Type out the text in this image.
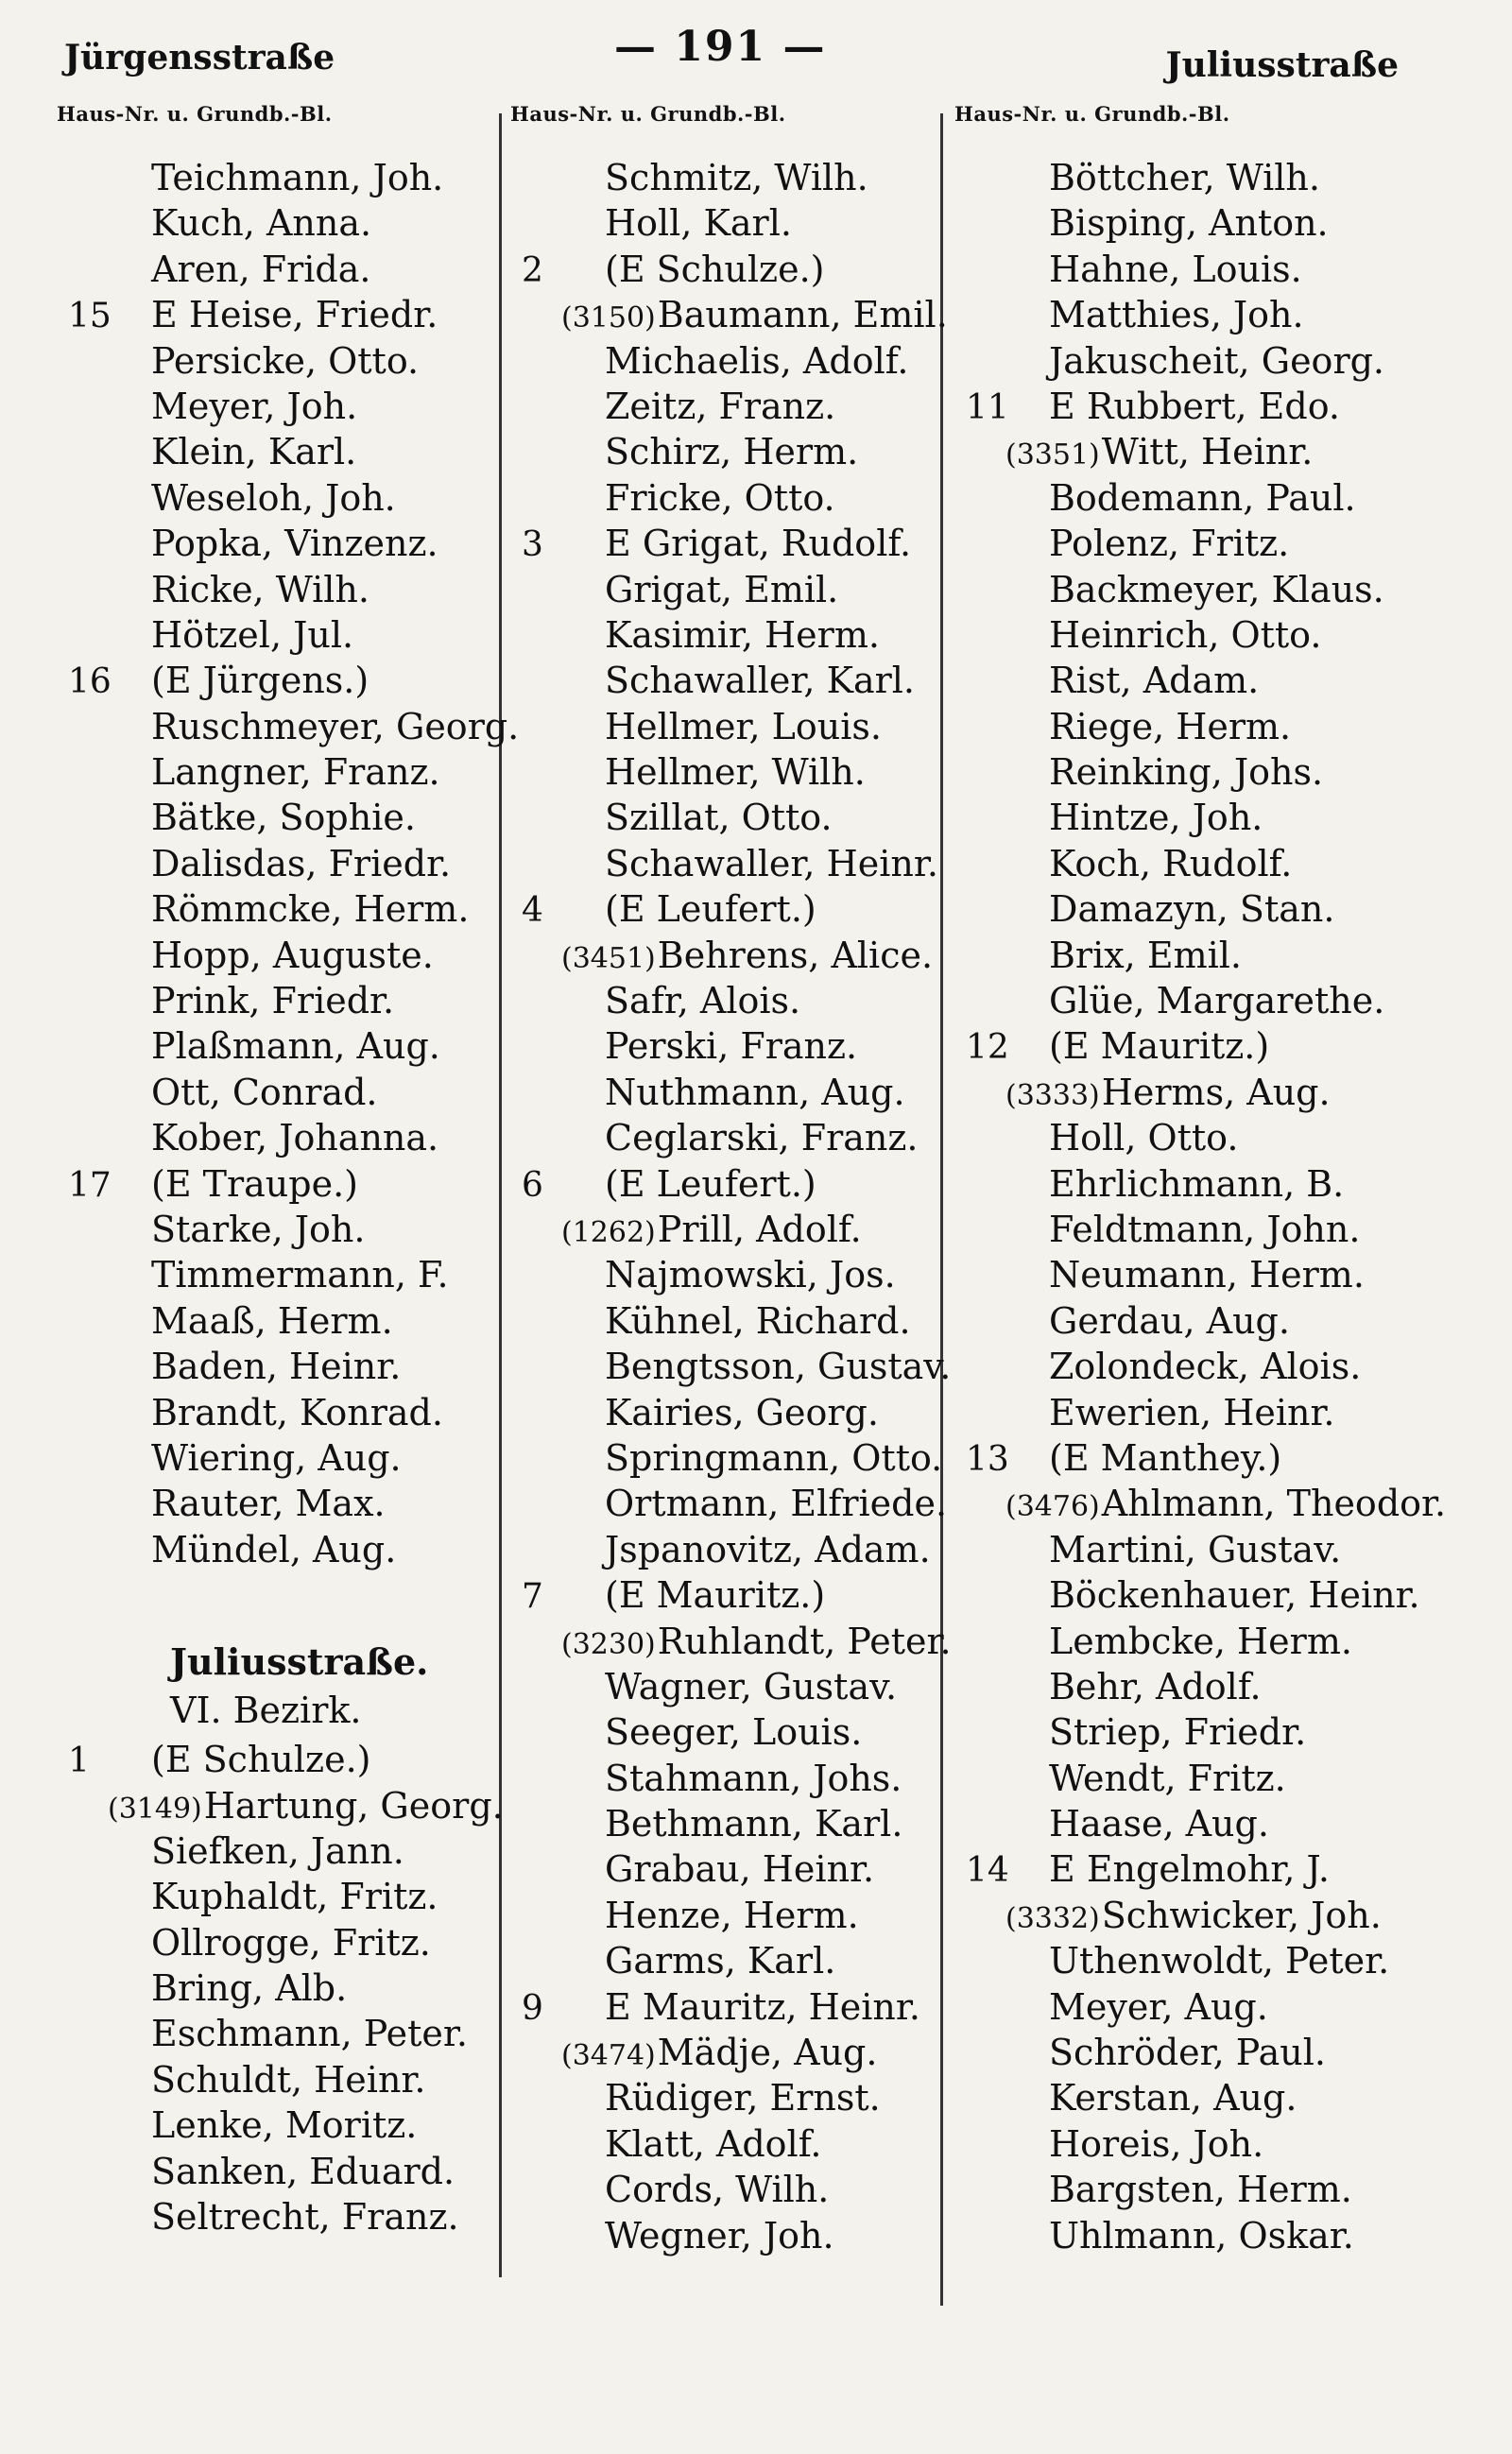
Jürgensstraße	— 191 —	Juliusstraße
Haus-Nr. u. Grundb.-Bl.
Teichmann, Joh.
Kuch, Anna.
Aren, Frida.
15	E Heise, Friedr.
Persicke, Otto.
Meyer, Joh.
Klein, Karl.
Weseloh, Joh.
Popka, Vinzenz.
Ricke, Wilh.
Hötzel, Jul.
16	(E Jürgens.)
Ruschmeyer, Georg.
Langner, Franz.
Bätke, Sophie.
Dalisdas, Friedr.
Römmcke, Herm.
Hopp, Auguste.
Prink, Friedr.
Plaßmann, Aug.
Ott, Conrad.
Kober, Johanna.
17	(E Traupe.)
Starke, Joh.
Timmermann, F.
Maaß, Herm.
Baden, Heinr.
Brandt, Konrad.
Wiering, Aug.
Rauter, Max.
Mündel, Aug.
Juliusstraße.
VI. Bezirk.
1	(E Schulze.)
(3149) Hartung, Georg.
Siefken, Jann.
Kuphaldt, Fritz.
Ollrogge, Fritz.
Bring, Alb.
Eschmann, Peter.
Schuldt, Heinr.
Lenke, Moritz.
Sanken, Eduard.
Seltrecht, Franz.
Haus-Nr. u. Grundb.-Bl.
Schmitz, Wilh.
Holl, Karl.
2	(E Schulze.)
(3150) Baumann, Emil.
Michaelis, Adolf.
Zeitz, Franz.
Schirz, Herm.
Fricke, Otto.
3	E Grigat, Rudolf.
Grigat, Emil.
Kasimir, Herm.
Schawaller, Karl.
Hellmer, Louis.
Hellmer, Wilh.
Szillat, Otto.
Schawaller, Heinr.
4	(E Leufert.)
(3451) Behrens, Alice.
Safr, Alois.
Perski, Franz.
Nuthmann, Aug.
Ceglarski, Franz.
6	(E Leufert.)
(1262) Prill, Adolf.
Najmowski, Jos.
Kühnel, Richard.
Bengtsson, Gustav.
Kairies, Georg.
Springmann, Otto.
Ortmann, Elfriede.
Jspanovitz, Adam.
7	(E Mauritz.)
(3230) Ruhlandt, Peter.
Wagner, Gustav.
Seeger, Louis.
Stahmann, Johs.
Bethmann, Karl.
Grabau, Heinr.
Henze, Herm.
Garms, Karl.
9	E Mauritz, Heinr.
(3474) Mädje, Aug.
Rüdiger, Ernst.
Klatt, Adolf.
Cords, Wilh.
Wegner, Joh.
Haus-Nr. u. Grundb.-Bl.
Böttcher, Wilh.
Bisping, Anton.
Hahne, Louis.
Matthies, Joh.
Jakuscheit, Georg.
11	E Rubbert, Edo.
(3351) Witt, Heinr.
Bodemann, Paul.
Polenz, Fritz.
Backmeyer, Klaus.
Heinrich, Otto.
Rist, Adam.
Riege, Herm.
Reinking, Johs.
Hintze, Joh.
Koch, Rudolf.
Damazyn, Stan.
Brix, Emil.
Glüe, Margarethe.
12	(E Mauritz.)
(3333) Herms, Aug.
Holl, Otto.
Ehrlichmann, B.
Feldtmann, John.
Neumann, Herm.
Gerdau, Aug.
Zolondeck, Alois.
Ewerien, Heinr.
13	(E Manthey.)
(3476) Ahlmann, Theodor.
Martini, Gustav.
Böckenhauer, Heinr.
Lembcke, Herm.
Behr, Adolf.
Striep, Friedr.
Wendt, Fritz.
Haase, Aug.
14	E Engelmohr, J.
(3332) Schwicker, Joh.
Uthenwoldt, Peter.
Meyer, Aug.
Schröder, Paul.
Kerstan, Aug.
Horeis, Joh.
Bargsten, Herm.
Uhlmann, Oskar.
